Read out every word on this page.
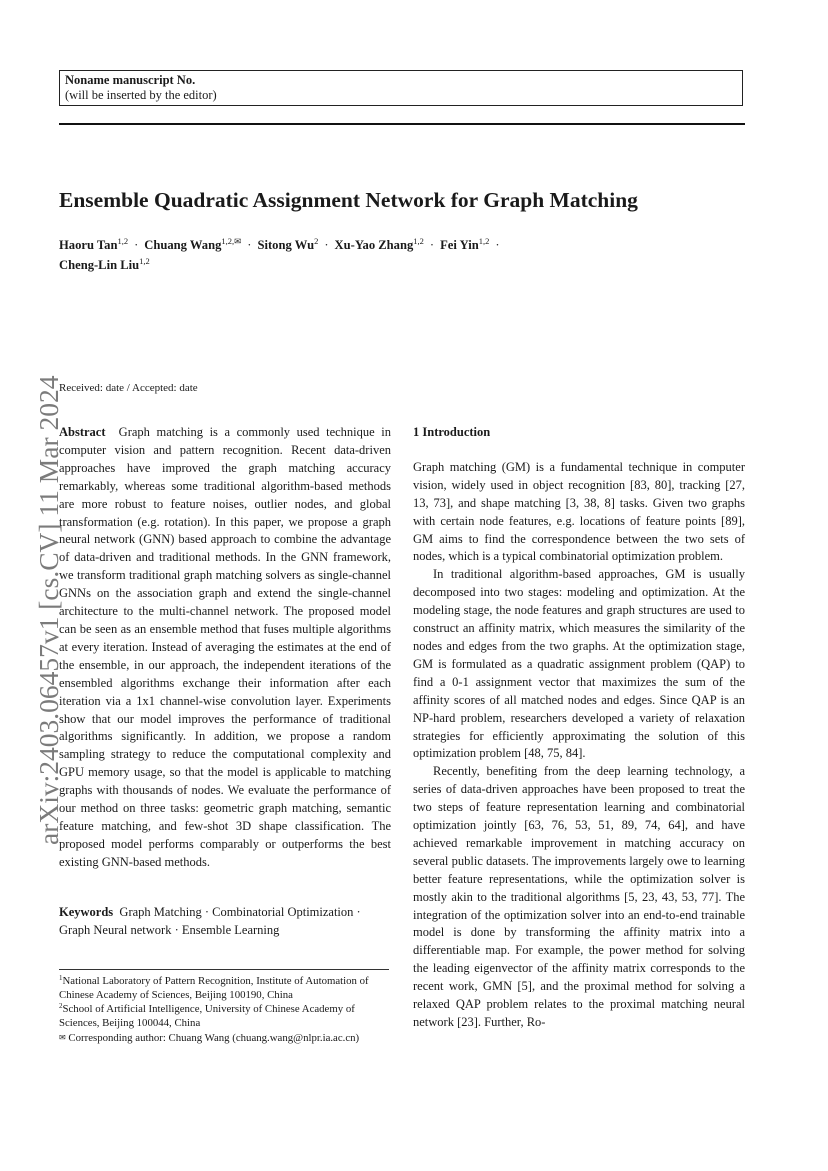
Noname manuscript No.
(will be inserted by the editor)
Ensemble Quadratic Assignment Network for Graph Matching
Haoru Tan$^{1,2}$ · Chuang Wang$^{1,2,✉}$ · Sitong $Wu^2 \cdot Xu-Yao$ Zhang$^{1,2}$ · Fei Yin$^{1,2}$ ·
Cheng-Lin Liu$^{1,2}$
arXiv:2403.06457v1 [cs.CV] 11 Mar 2024
Received: date / Accepted: date

Abstract Graph matching is a commonly used technique in computer vision and pattern recognition. Recent data-driven approaches have improved the graph matching accuracy remarkably, whereas some traditional algorithm-based methods are more robust to feature noises, outlier nodes, and global transformation (e.g. rotation). In this paper, we propose a graph neural network (GNN) based approach to combine the advantage of data-driven and traditional methods. In the GNN framework, we transform traditional graph matching solvers as single-channel GNNs on the association graph and extend the single-channel architecture to the multi-channel network. The proposed model can be seen as an ensemble method that fuses multiple algorithms at every iteration. Instead of averaging the estimates at the end of the ensemble, in our approach, the independent iterations of the ensembled algorithms exchange their information after each iteration via a 1x1 channel-wise convolution layer. Experiments show that our model improves the performance of traditional algorithms significantly. In addition, we propose a random sampling strategy to reduce the computational complexity and GPU memory usage, so that the model is applicable to matching graphs with thousands of nodes. We evaluate the performance of our method on three tasks: geometric graph matching, semantic feature matching, and few-shot 3D shape classification. The proposed model performs comparably or outperforms the best existing GNN-based methods.

Keywords Graph Matching · Combinatorial Optimization · Graph Neural network · Ensemble Learning

$^1$National Laboratory of Pattern Recognition, Institute of Automation of Chinese Academy of Sciences, Beijing 100190, China

$^2$School of Artificial Intelligence, University of Chinese Academy of Sciences, Beijing 100044, China

✉ Corresponding author: Chuang Wang (chuang.wang@nlpr.ia.ac.cn)

1 Introduction

Graph matching (GM) is a fundamental technique in computer vision, widely used in object recognition [83, 80], tracking [27, 13, 73], and shape matching [3, 38, 8] tasks. Given two graphs with certain node features, e.g. locations of feature points [89], GM aims to find the correspondence between the two sets of nodes, which is a typical combinatorial optimization problem.

In traditional algorithm-based approaches, GM is usually decomposed into two stages: modeling and optimization. At the modeling stage, the node features and graph structures are used to construct an affinity matrix, which measures the similarity of the nodes and edges from the two graphs. At the optimization stage, GM is formulated as a quadratic assignment problem (QAP) to find a 0-1 assignment vector that maximizes the sum of the affinity scores of all matched nodes and edges. Since QAP is an NP-hard problem, researchers developed a variety of relaxation strategies for efficiently approximating the solution of this optimization problem [48, 75, 84].

Recently, benefiting from the deep learning technology, a series of data-driven approaches have been proposed to treat the two steps of feature representation learning and combinatorial optimization jointly [63, 76, 53, 51, 89, 74, 64], and have achieved remarkable improvement in matching accuracy on several public datasets. The improvements largely owe to learning better feature representations, while the optimization solver is mostly akin to the traditional algorithms [5, 23, 43, 53, 77]. The integration of the optimization solver into an end-to-end trainable model is done by transforming the affinity matrix into a differentiable map. For example, the power method for solving the leading eigenvector of the affinity matrix corresponds to the recent work, GMN [5], and the proximal method for solving a relaxed QAP problem relates to the proximal matching neural network [23]. Further, Ro-
